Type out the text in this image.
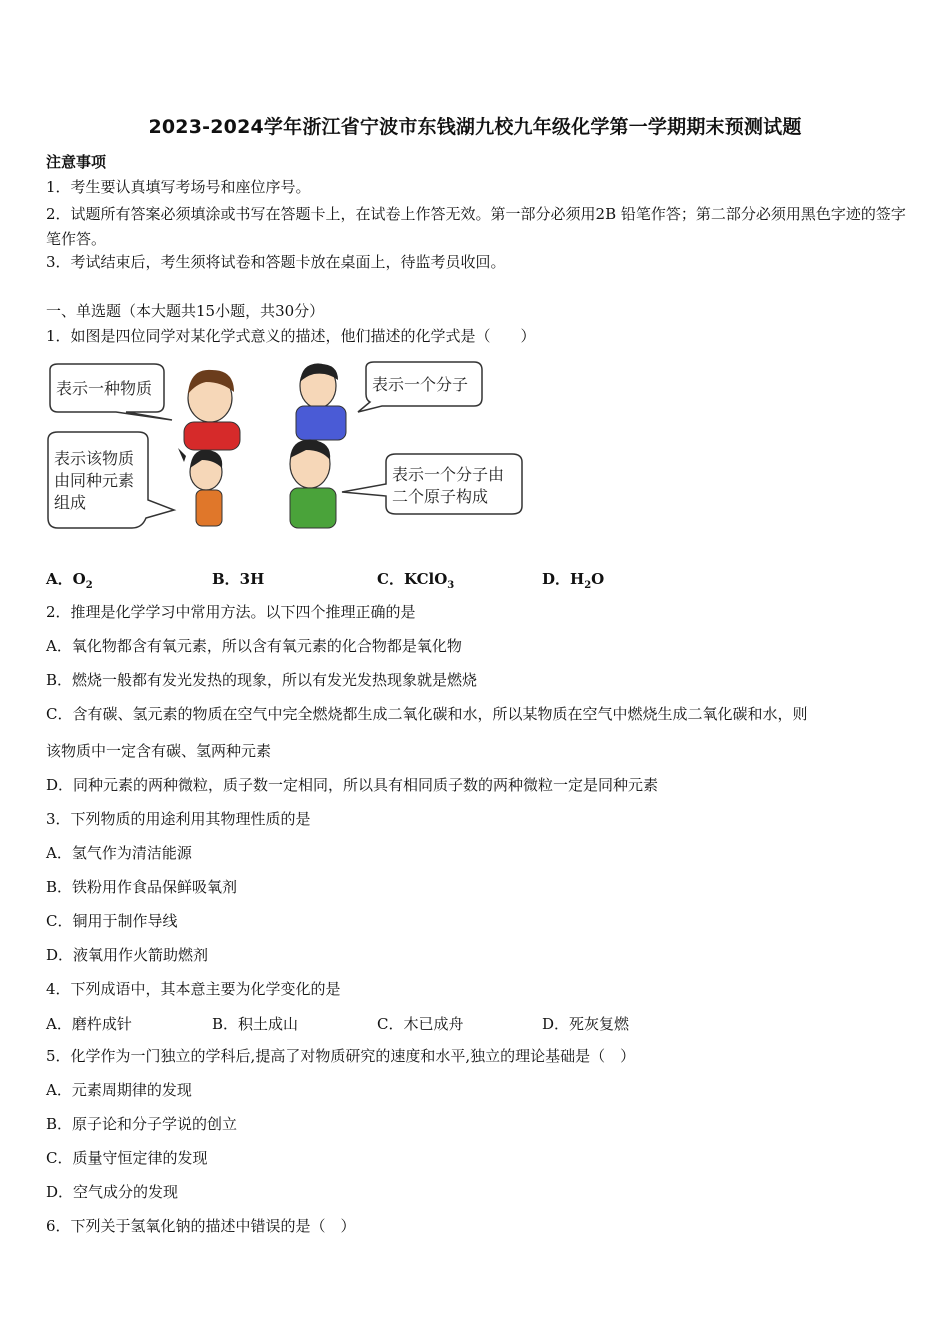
2023-2024学年浙江省宁波市东钱湖九校九年级化学第一学期期末预测试题
注意事项
1．考生要认真填写考场号和座位序号。
2．试题所有答案必须填涂或书写在答题卡上，在试卷上作答无效。第一部分必须用2B 铅笔作答；第二部分必须用黑色字迹的签字笔作答。
3．考试结束后，考生须将试卷和答题卡放在桌面上，待监考员收回。
一、单选题（本大题共15小题，共30分）
1．如图是四位同学对某化学式意义的描述，他们描述的化学式是（　　）
表示一种物质	表示一个分子
表示该物质
由同种元素
组成
表示一个分子由
二个原子构成
A．$O_2$	B．3H	C．KClO$_3$	D．$H_2O$
2．推理是化学学习中常用方法。以下四个推理正确的是
A．氧化物都含有氧元素，所以含有氧元素的化合物都是氧化物
B．燃烧一般都有发光发热的现象，所以有发光发热现象就是燃烧
C．含有碳、氢元素的物质在空气中完全燃烧都生成二氧化碳和水，所以某物质在空气中燃烧生成二氧化碳和水，则
该物质中一定含有碳、氢两种元素
D．同种元素的两种微粒，质子数一定相同，所以具有相同质子数的两种微粒一定是同种元素
3．下列物质的用途利用其物理性质的是
A．氢气作为清洁能源
B．铁粉用作食品保鲜吸氧剂
C．铜用于制作导线
D．液氧用作火箭助燃剂
4．下列成语中，其本意主要为化学变化的是
A．磨杵成针	B．积土成山	C．木已成舟	D．死灰复燃
5．化学作为一门独立的学科后,提高了对物质研究的速度和水平,独立的理论基础是（　）
A．元素周期律的发现
B．原子论和分子学说的创立
C．质量守恒定律的发现
D．空气成分的发现
6．下列关于氢氧化钠的描述中错误的是（　）
